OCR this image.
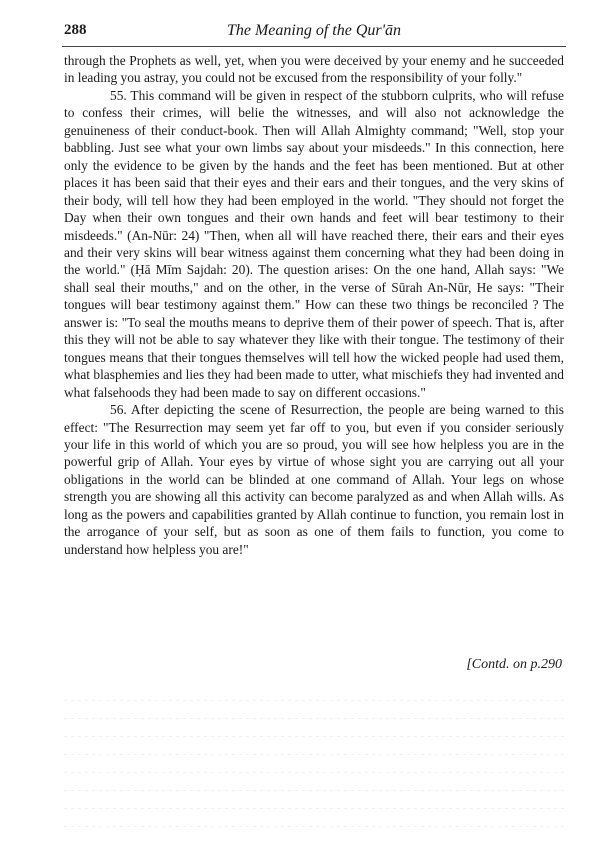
288	The Meaning of the Qur'ān

through the Prophets as well, yet, when you were deceived by your enemy and he succeeded in leading you astray, you could not be excused from the responsibility of your folly."

55. This command will be given in respect of the stubborn culprits, who will refuse to confess their crimes, will belie the witnesses, and will also not acknowledge the genuineness of their conduct-book. Then will Allah Almighty command; "Well, stop your babbling. Just see what your own limbs say about your misdeeds." In this connection, here only the evidence to be given by the hands and the feet has been mentioned. But at other places it has been said that their eyes and their ears and their tongues, and the very skins of their body, will tell how they had been employed in the world. "They should not forget the Day when their own tongues and their own hands and feet will bear testimony to their misdeeds." (An-Nūr: 24) "Then, when all will have reached there, their ears and their eyes and their very skins will bear witness against them concerning what they had been doing in the world." (Ḥā Mīm Sajdah: 20). The question arises: On the one hand, Allah says: "We shall seal their mouths," and on the other, in the verse of Sūrah An-Nūr, He says: "Their tongues will bear testimony against them." How can these two things be reconciled ? The answer is: "To seal the mouths means to deprive them of their power of speech. That is, after this they will not be able to say whatever they like with their tongue. The testimony of their tongues means that their tongues themselves will tell how the wicked people had used them, what blasphemies and lies they had been made to utter, what mischiefs they had invented and what falsehoods they had been made to say on different occasions."

56. After depicting the scene of Resurrection, the people are being warned to this effect: "The Resurrection may seem yet far off to you, but even if you consider seriously your life in this world of which you are so proud, you will see how helpless you are in the powerful grip of Allah. Your eyes by virtue of whose sight you are carrying out all your obligations in the world can be blinded at one command of Allah. Your legs on whose strength you are showing all this activity can become paralyzed as and when Allah wills. As long as the powers and capabilities granted by Allah continue to function, you remain lost in the arrogance of your self, but as soon as one of them fails to function, you come to understand how helpless you are!"

[Contd. on p.290
